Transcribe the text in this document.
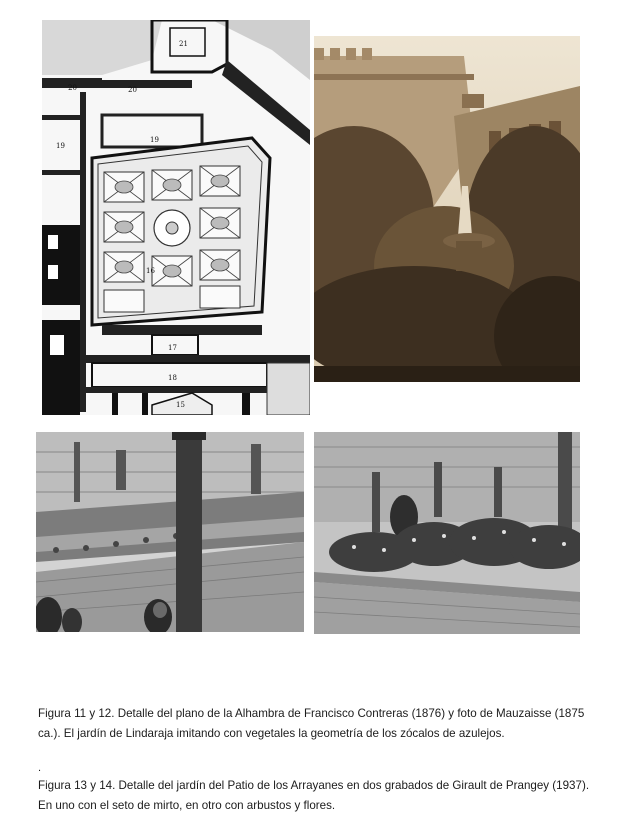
21
20	20
19
19
16
17
18
15
4

Figura 11 y 12. Detalle del plano de la Alhambra de Francisco Contreras (1876) y foto de Mauzaisse (1875 ca.). El jardín de Lindaraja imitando con vegetales la geometría de los zócalos de azulejos.

.

Figura 13 y 14. Detalle del jardín del Patio de los Arrayanes en dos grabados de Girault de Prangey (1937). En uno con el seto de mirto, en otro con arbustos y flores.
